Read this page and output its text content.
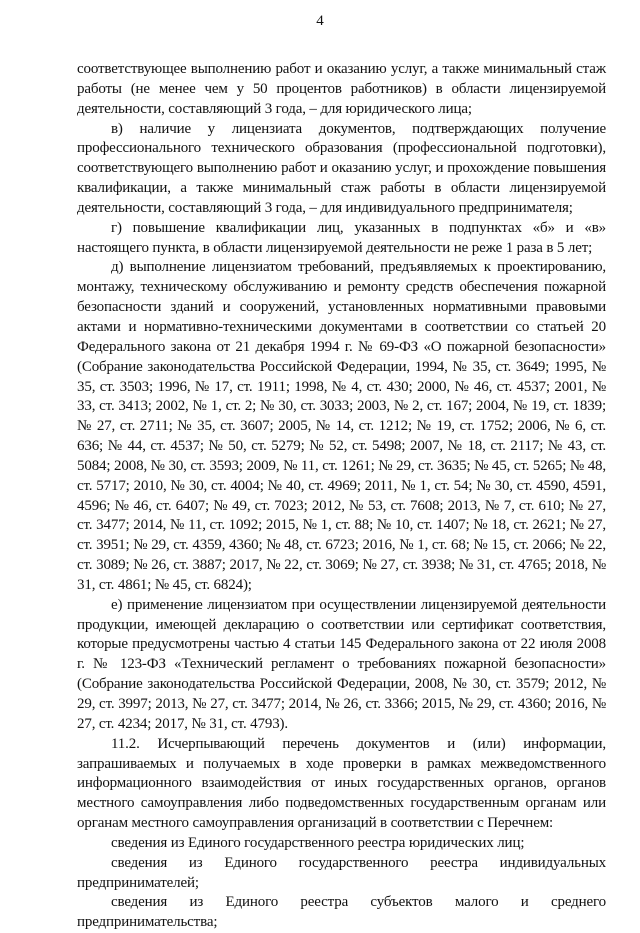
4

соответствующее выполнению работ и оказанию услуг, а также минимальный стаж работы (не менее чем у 50 процентов работников) в области лицензируемой деятельности, составляющий 3 года, – для юридического лица;

в) наличие у лицензиата документов, подтверждающих получение профессионального технического образования (профессиональной подготовки), соответствующего выполнению работ и оказанию услуг, и прохождение повышения квалификации, а также минимальный стаж работы в области лицензируемой деятельности, составляющий 3 года, – для индивидуального предпринимателя;

г) повышение квалификации лиц, указанных в подпунктах «б» и «в» настоящего пункта, в области лицензируемой деятельности не реже 1 раза в 5 лет;

д) выполнение лицензиатом требований, предъявляемых к проектированию, монтажу, техническому обслуживанию и ремонту средств обеспечения пожарной безопасности зданий и сооружений, установленных нормативными правовыми актами и нормативно-техническими документами в соответствии со статьей 20 Федерального закона от 21 декабря 1994 г. № 69-ФЗ «О пожарной безопасности» (Собрание законодательства Российской Федерации, 1994, № 35, ст. 3649; 1995, № 35, ст. 3503; 1996, № 17, ст. 1911; 1998, № 4, ст. 430; 2000, № 46, ст. 4537; 2001, № 33, ст. 3413; 2002, № 1, ст. 2; № 30, ст. 3033; 2003, № 2, ст. 167; 2004, № 19, ст. 1839; № 27, ст. 2711; № 35, ст. 3607; 2005, № 14, ст. 1212; № 19, ст. 1752; 2006, № 6, ст. 636; № 44, ст. 4537; № 50, ст. 5279; № 52, ст. 5498; 2007, № 18, ст. 2117; № 43, ст. 5084; 2008, № 30, ст. 3593; 2009, № 11, ст. 1261; № 29, ст. 3635; № 45, ст. 5265; № 48, ст. 5717; 2010, № 30, ст. 4004; № 40, ст. 4969; 2011, № 1, ст. 54; № 30, ст. 4590, 4591, 4596; № 46, ст. 6407; № 49, ст. 7023; 2012, № 53, ст. 7608; 2013, № 7, ст. 610; № 27, ст. 3477; 2014, № 11, ст. 1092; 2015, № 1, ст. 88; № 10, ст. 1407; № 18, ст. 2621; № 27, ст. 3951; № 29, ст. 4359, 4360; № 48, ст. 6723; 2016, № 1, ст. 68; № 15, ст. 2066; № 22, ст. 3089; № 26, ст. 3887; 2017, № 22, ст. 3069; № 27, ст. 3938; № 31, ст. 4765; 2018, № 31, ст. 4861; № 45, ст. 6824);

е) применение лицензиатом при осуществлении лицензируемой деятельности продукции, имеющей декларацию о соответствии или сертификат соответствия, которые предусмотрены частью 4 статьи 145 Федерального закона от 22 июля 2008 г. № 123-ФЗ «Технический регламент о требованиях пожарной безопасности» (Собрание законодательства Российской Федерации, 2008, № 30, ст. 3579; 2012, № 29, ст. 3997; 2013, № 27, ст. 3477; 2014, № 26, ст. 3366; 2015, № 29, ст. 4360; 2016, № 27, ст. 4234; 2017, № 31, ст. 4793).

11.2. Исчерпывающий перечень документов и (или) информации, запрашиваемых и получаемых в ходе проверки в рамках межведомственного информационного взаимодействия от иных государственных органов, органов местного самоуправления либо подведомственных государственным органам или органам местного самоуправления организаций в соответствии с Перечнем:

сведения из Единого государственного реестра юридических лиц;

сведения из Единого государственного реестра индивидуальных предпринимателей;

сведения из Единого реестра субъектов малого и среднего предпринимательства;
